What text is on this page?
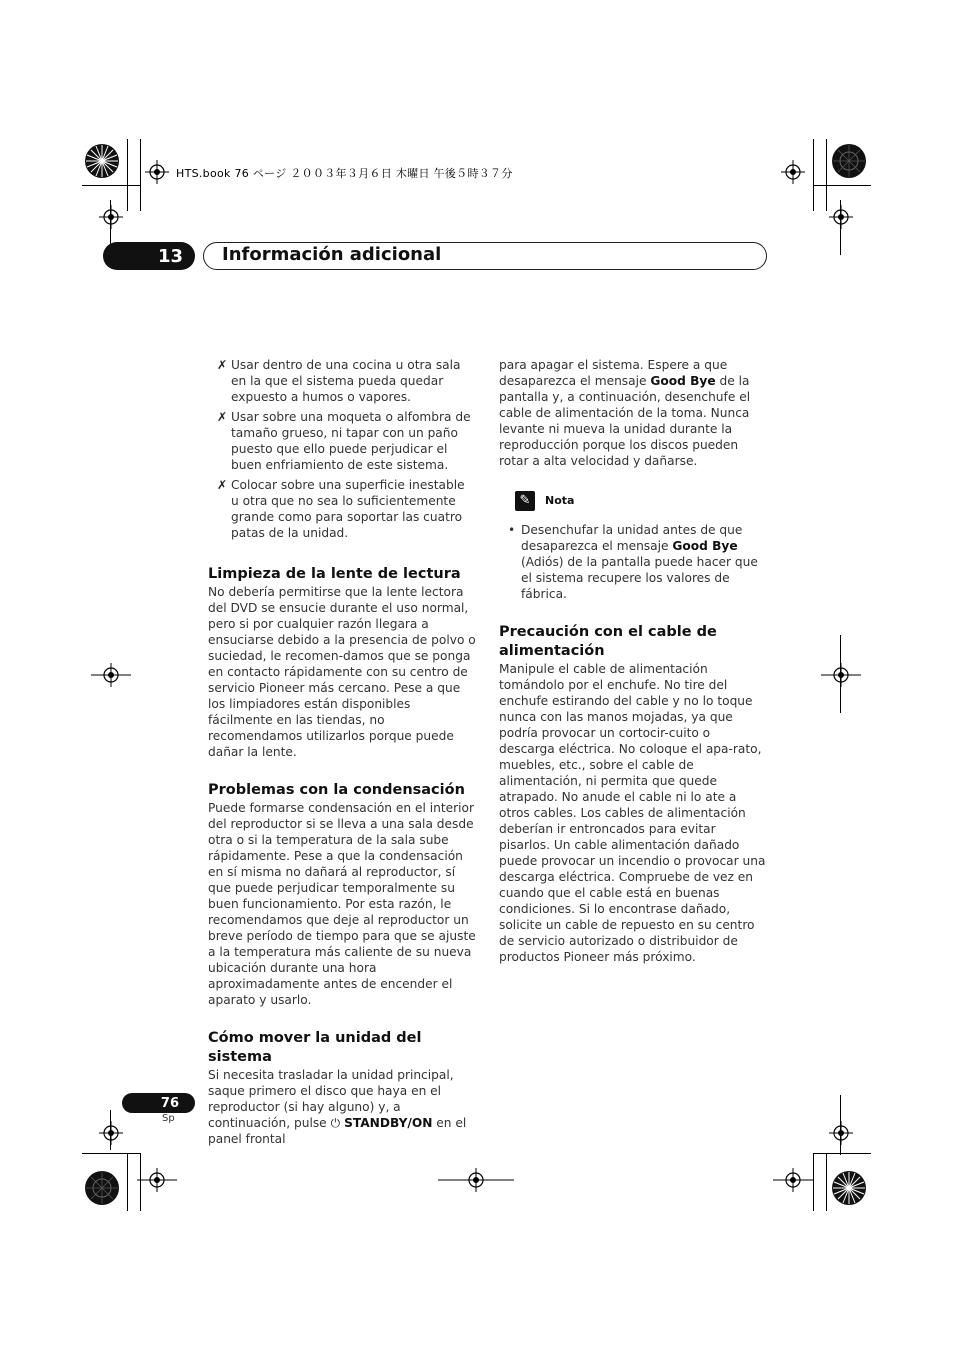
HTS.book 76 ページ ２００３年３月６日 木曜日 午後５時３７分
13 Información adicional
✗ Usar dentro de una cocina u otra sala en la que el sistema pueda quedar expuesto a humos o vapores.

✗ Usar sobre una moqueta o alfombra de tamaño grueso, ni tapar con un paño puesto que ello puede perjudicar el buen enfriamiento de este sistema.

✗ Colocar sobre una superficie inestable u otra que no sea lo suficientemente grande como para soportar las cuatro patas de la unidad.

Limpieza de la lente de lectura

No debería permitirse que la lente lectora del DVD se ensucie durante el uso normal, pero si por cualquier razón llegara a ensuciarse debido a la presencia de polvo o suciedad, le recomen-damos que se ponga en contacto rápidamente con su centro de servicio Pioneer más cercano. Pese a que los limpiadores están disponibles fácilmente en las tiendas, no recomendamos utilizarlos porque puede dañar la lente.

Problemas con la condensación

Puede formarse condensación en el interior del reproductor si se lleva a una sala desde otra o si la temperatura de la sala sube rápidamente. Pese a que la condensación en sí misma no dañará al reproductor, sí que puede perjudicar temporalmente su buen funcionamiento. Por esta razón, le recomendamos que deje al reproductor un breve período de tiempo para que se ajuste a la temperatura más caliente de su nueva ubicación durante una hora aproximadamente antes de encender el aparato y usarlo.

Cómo mover la unidad del sistema

Si necesita trasladar la unidad principal, saque primero el disco que haya en el reproductor (si hay alguno) y, a continuación, pulse ⏻ STANDBY/ON en el panel frontal

para apagar el sistema. Espere a que desaparezca el mensaje Good Bye de la pantalla y, a continuación, desenchufe el cable de alimentación de la toma. Nunca levante ni mueva la unidad durante la reproducción porque los discos pueden rotar a alta velocidad y dañarse.

✎	Nota
• Desenchufar la unidad antes de que desaparezca el mensaje Good Bye (Adiós) de la pantalla puede hacer que el sistema recupere los valores de fábrica.

Precaución con el cable de alimentación

Manipule el cable de alimentación tomándolo por el enchufe. No tire del enchufe estirando del cable y no lo toque nunca con las manos mojadas, ya que podría provocar un cortocir-cuito o descarga eléctrica. No coloque el apa-rato, muebles, etc., sobre el cable de alimentación, ni permita que quede atrapado. No anude el cable ni lo ate a otros cables. Los cables de alimentación deberían ir entroncados para evitar pisarlos. Un cable alimentación dañado puede provocar un incendio o provocar una descarga eléctrica. Compruebe de vez en cuando que el cable está en buenas condiciones. Si lo encontrase dañado, solicite un cable de repuesto en su centro de servicio autorizado o distribuidor de productos Pioneer más próximo.

76
Sp
